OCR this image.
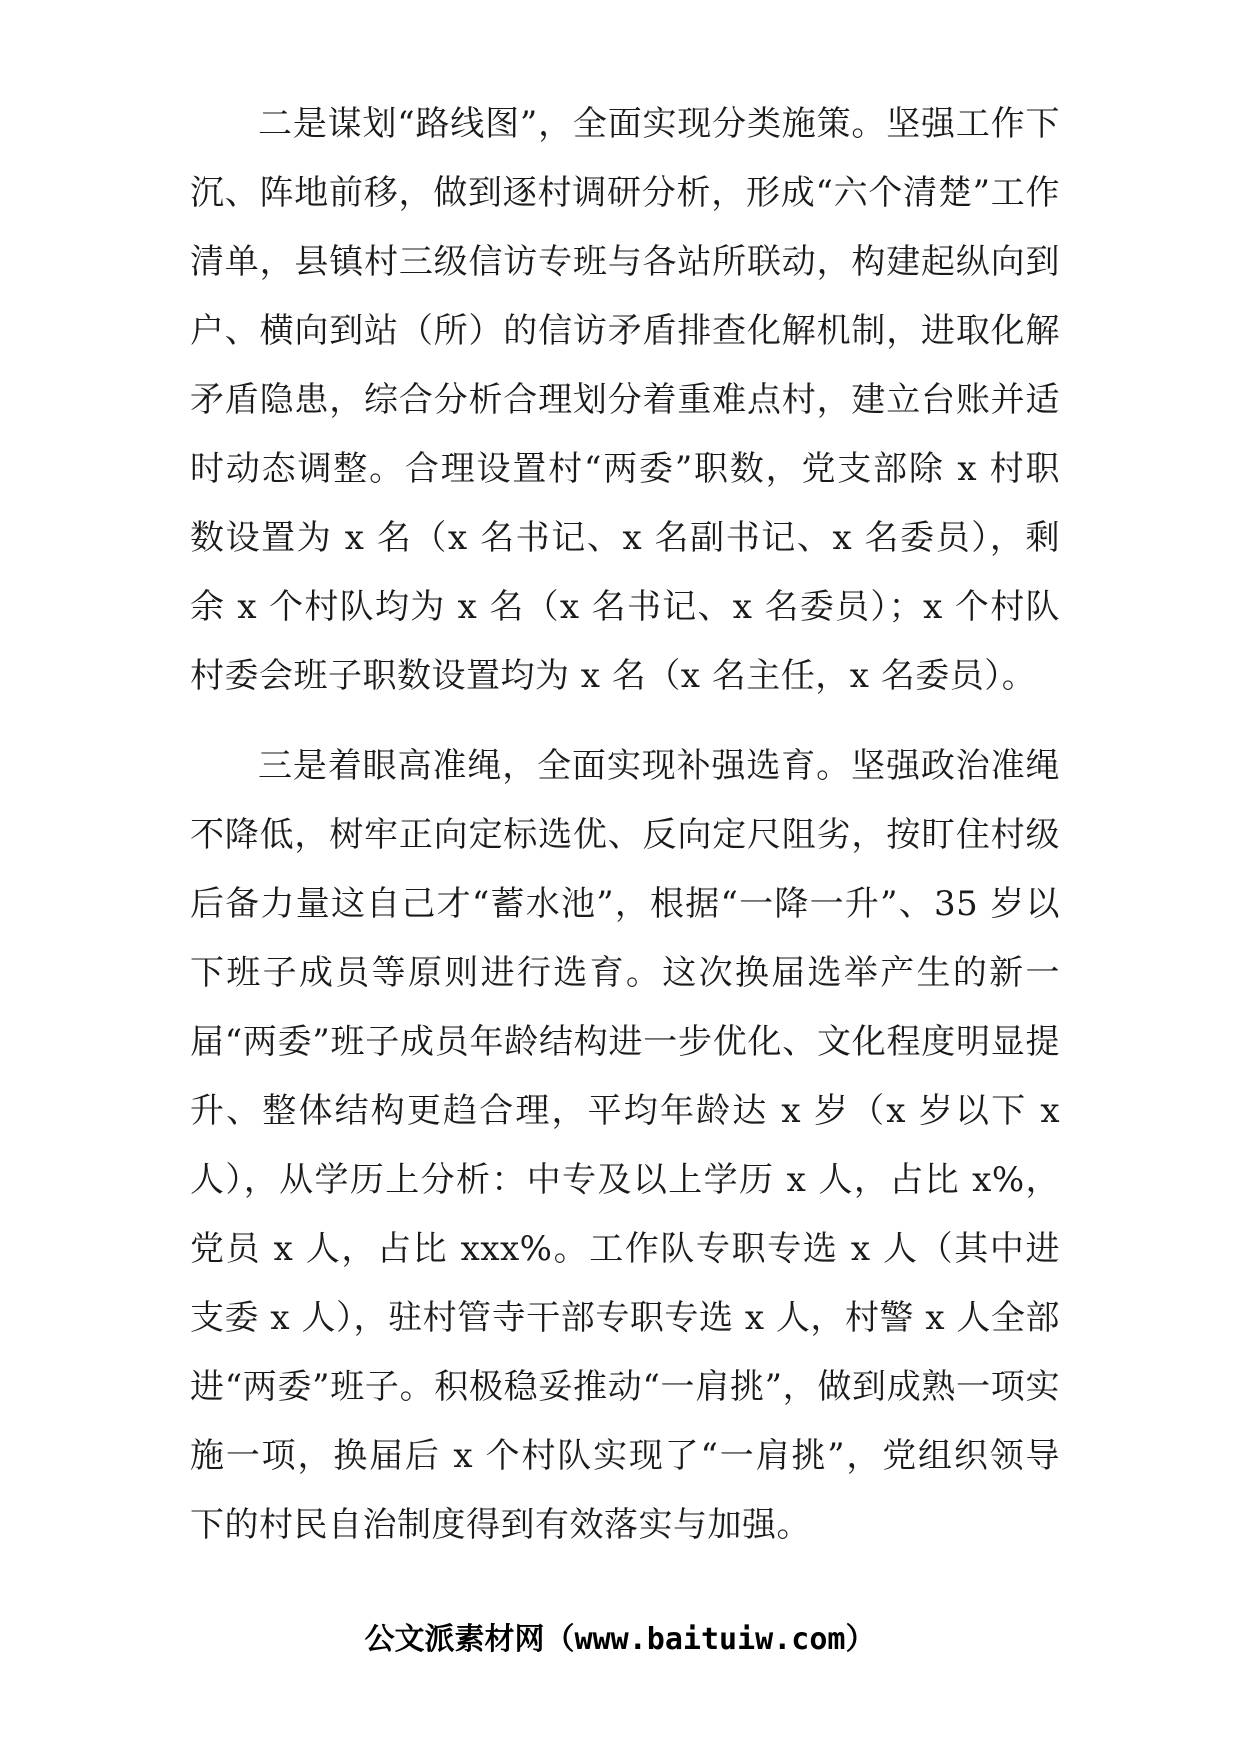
二是谋划“路线图”，全面实现分类施策。坚强工作下沉、阵地前移，做到逐村调研分析，形成“六个清楚”工作清单，县镇村三级信访专班与各站所联动，构建起纵向到户、横向到站（所）的信访矛盾排查化解机制，进取化解矛盾隐患，综合分析合理划分着重难点村，建立台账并适时动态调整。合理设置村“两委”职数，党支部除 x 村职数设置为 x 名（x 名书记、x 名副书记、x 名委员），剩余 x 个村队均为 x 名（x 名书记、x 名委员）；x 个村队村委会班子职数设置均为 x 名（x 名主任，x 名委员）。

三是着眼高准绳，全面实现补强选育。坚强政治准绳不降低，树牢正向定标选优、反向定尺阻劣，按盯住村级后备力量这自己才“蓄水池”，根据“一降一升”、35 岁以下班子成员等原则进行选育。这次换届选举产生的新一届“两委”班子成员年龄结构进一步优化、文化程度明显提升、整体结构更趋合理，平均年龄达 x 岁（x 岁以下 x 人），从学历上分析：中专及以上学历 x 人，占比 x%，党员 x 人，占比 xxx%。工作队专职专选 x 人（其中进支委 x 人），驻村管寺干部专职专选 x 人，村警 x 人全部进“两委”班子。积极稳妥推动“一肩挑”，做到成熟一项实施一项，换届后 x 个村队实现了“一肩挑”，党组织领导下的村民自治制度得到有效落实与加强。

公文派素材网（www.baituiw.com）
